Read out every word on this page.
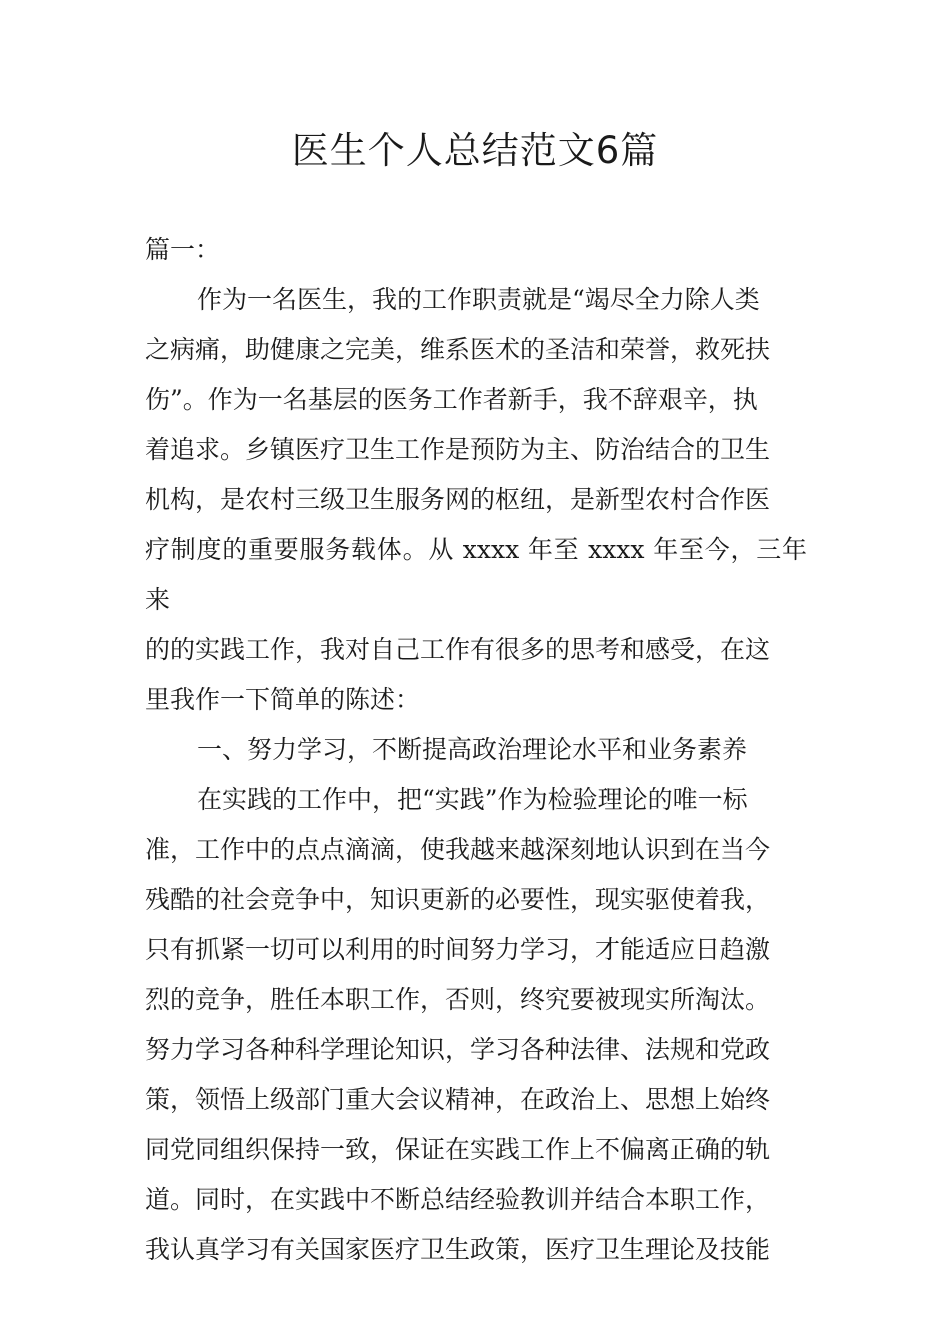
医生个人总结范文6篇

篇一：

作为一名医生，我的工作职责就是“竭尽全力除人类
之病痛，助健康之完美，维系医术的圣洁和荣誉，救死扶
伤”。作为一名基层的医务工作者新手，我不辞艰辛，执
着追求。乡镇医疗卫生工作是预防为主、防治结合的卫生
机构，是农村三级卫生服务网的枢纽，是新型农村合作医
疗制度的重要服务载体。从 xxxx 年至 xxxx 年至今，三年来
的的实践工作，我对自己工作有很多的思考和感受，在这
里我作一下简单的陈述：

一、努力学习，不断提高政治理论水平和业务素养

在实践的工作中，把“实践”作为检验理论的唯一标
准，工作中的点点滴滴，使我越来越深刻地认识到在当今
残酷的社会竞争中，知识更新的必要性，现实驱使着我，
只有抓紧一切可以利用的时间努力学习，才能适应日趋激
烈的竞争，胜任本职工作，否则，终究要被现实所淘汰。
努力学习各种科学理论知识，学习各种法律、法规和党政
策，领悟上级部门重大会议精神，在政治上、思想上始终
同党同组织保持一致，保证在实践工作上不偏离正确的轨
道。同时，在实践中不断总结经验教训并结合本职工作，
我认真学习有关国家医疗卫生政策，医疗卫生理论及技能
